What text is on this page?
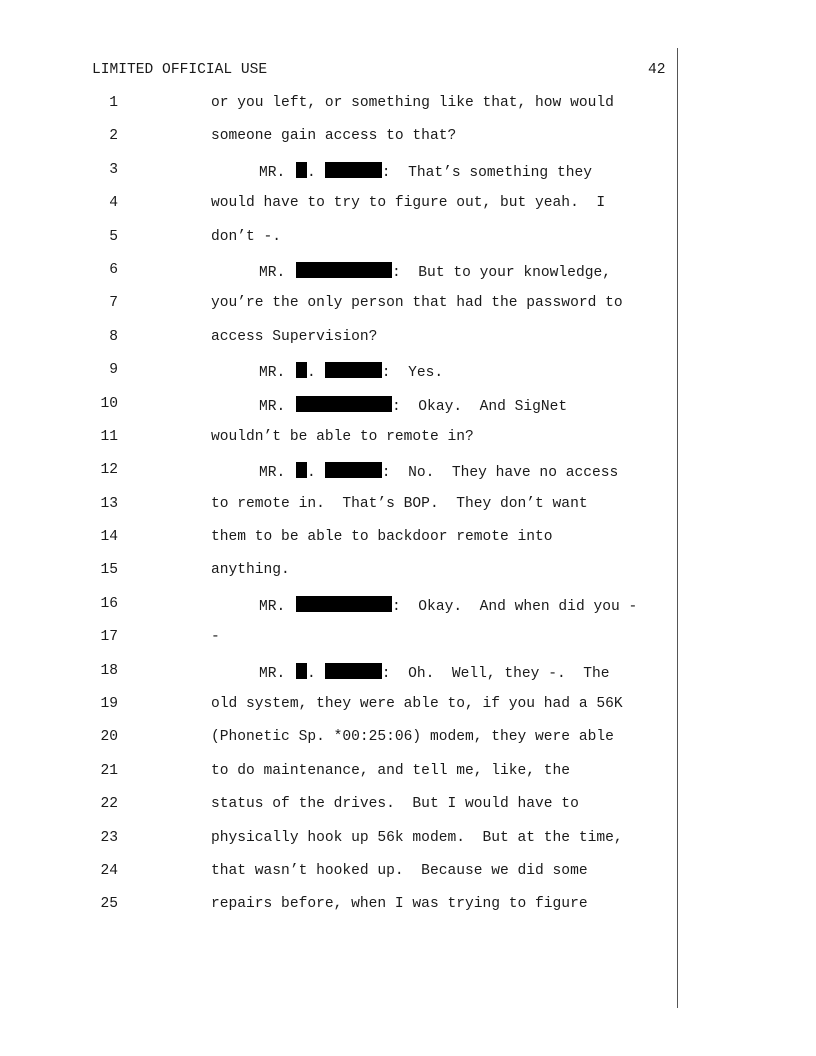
LIMITED OFFICIAL USE	42
1	or you left, or something like that, how would
2	someone gain access to that?
3	MR. .	:  That’s something they
4	would have to try to figure out, but yeah.  I
5	don’t -.
6	MR.	:  But to your knowledge,
7	you’re the only person that had the password to
8	access Supervision?
9	MR. .	:  Yes.
10	MR.	:  Okay.  And SigNet
11	wouldn’t be able to remote in?
12	MR. .	:  No.  They have no access
13	to remote in.  That’s BOP.  They don’t want
14	them to be able to backdoor remote into
15	anything.
16	MR.	:  Okay.  And when did you -
17	-
18	MR. .	:  Oh.  Well, they -.  The
19	old system, they were able to, if you had a 56K
20	(Phonetic Sp. *00:25:06) modem, they were able
21	to do maintenance, and tell me, like, the
22	status of the drives.  But I would have to
23	physically hook up 56k modem.  But at the time,
24	that wasn’t hooked up.  Because we did some
25	repairs before, when I was trying to figure
